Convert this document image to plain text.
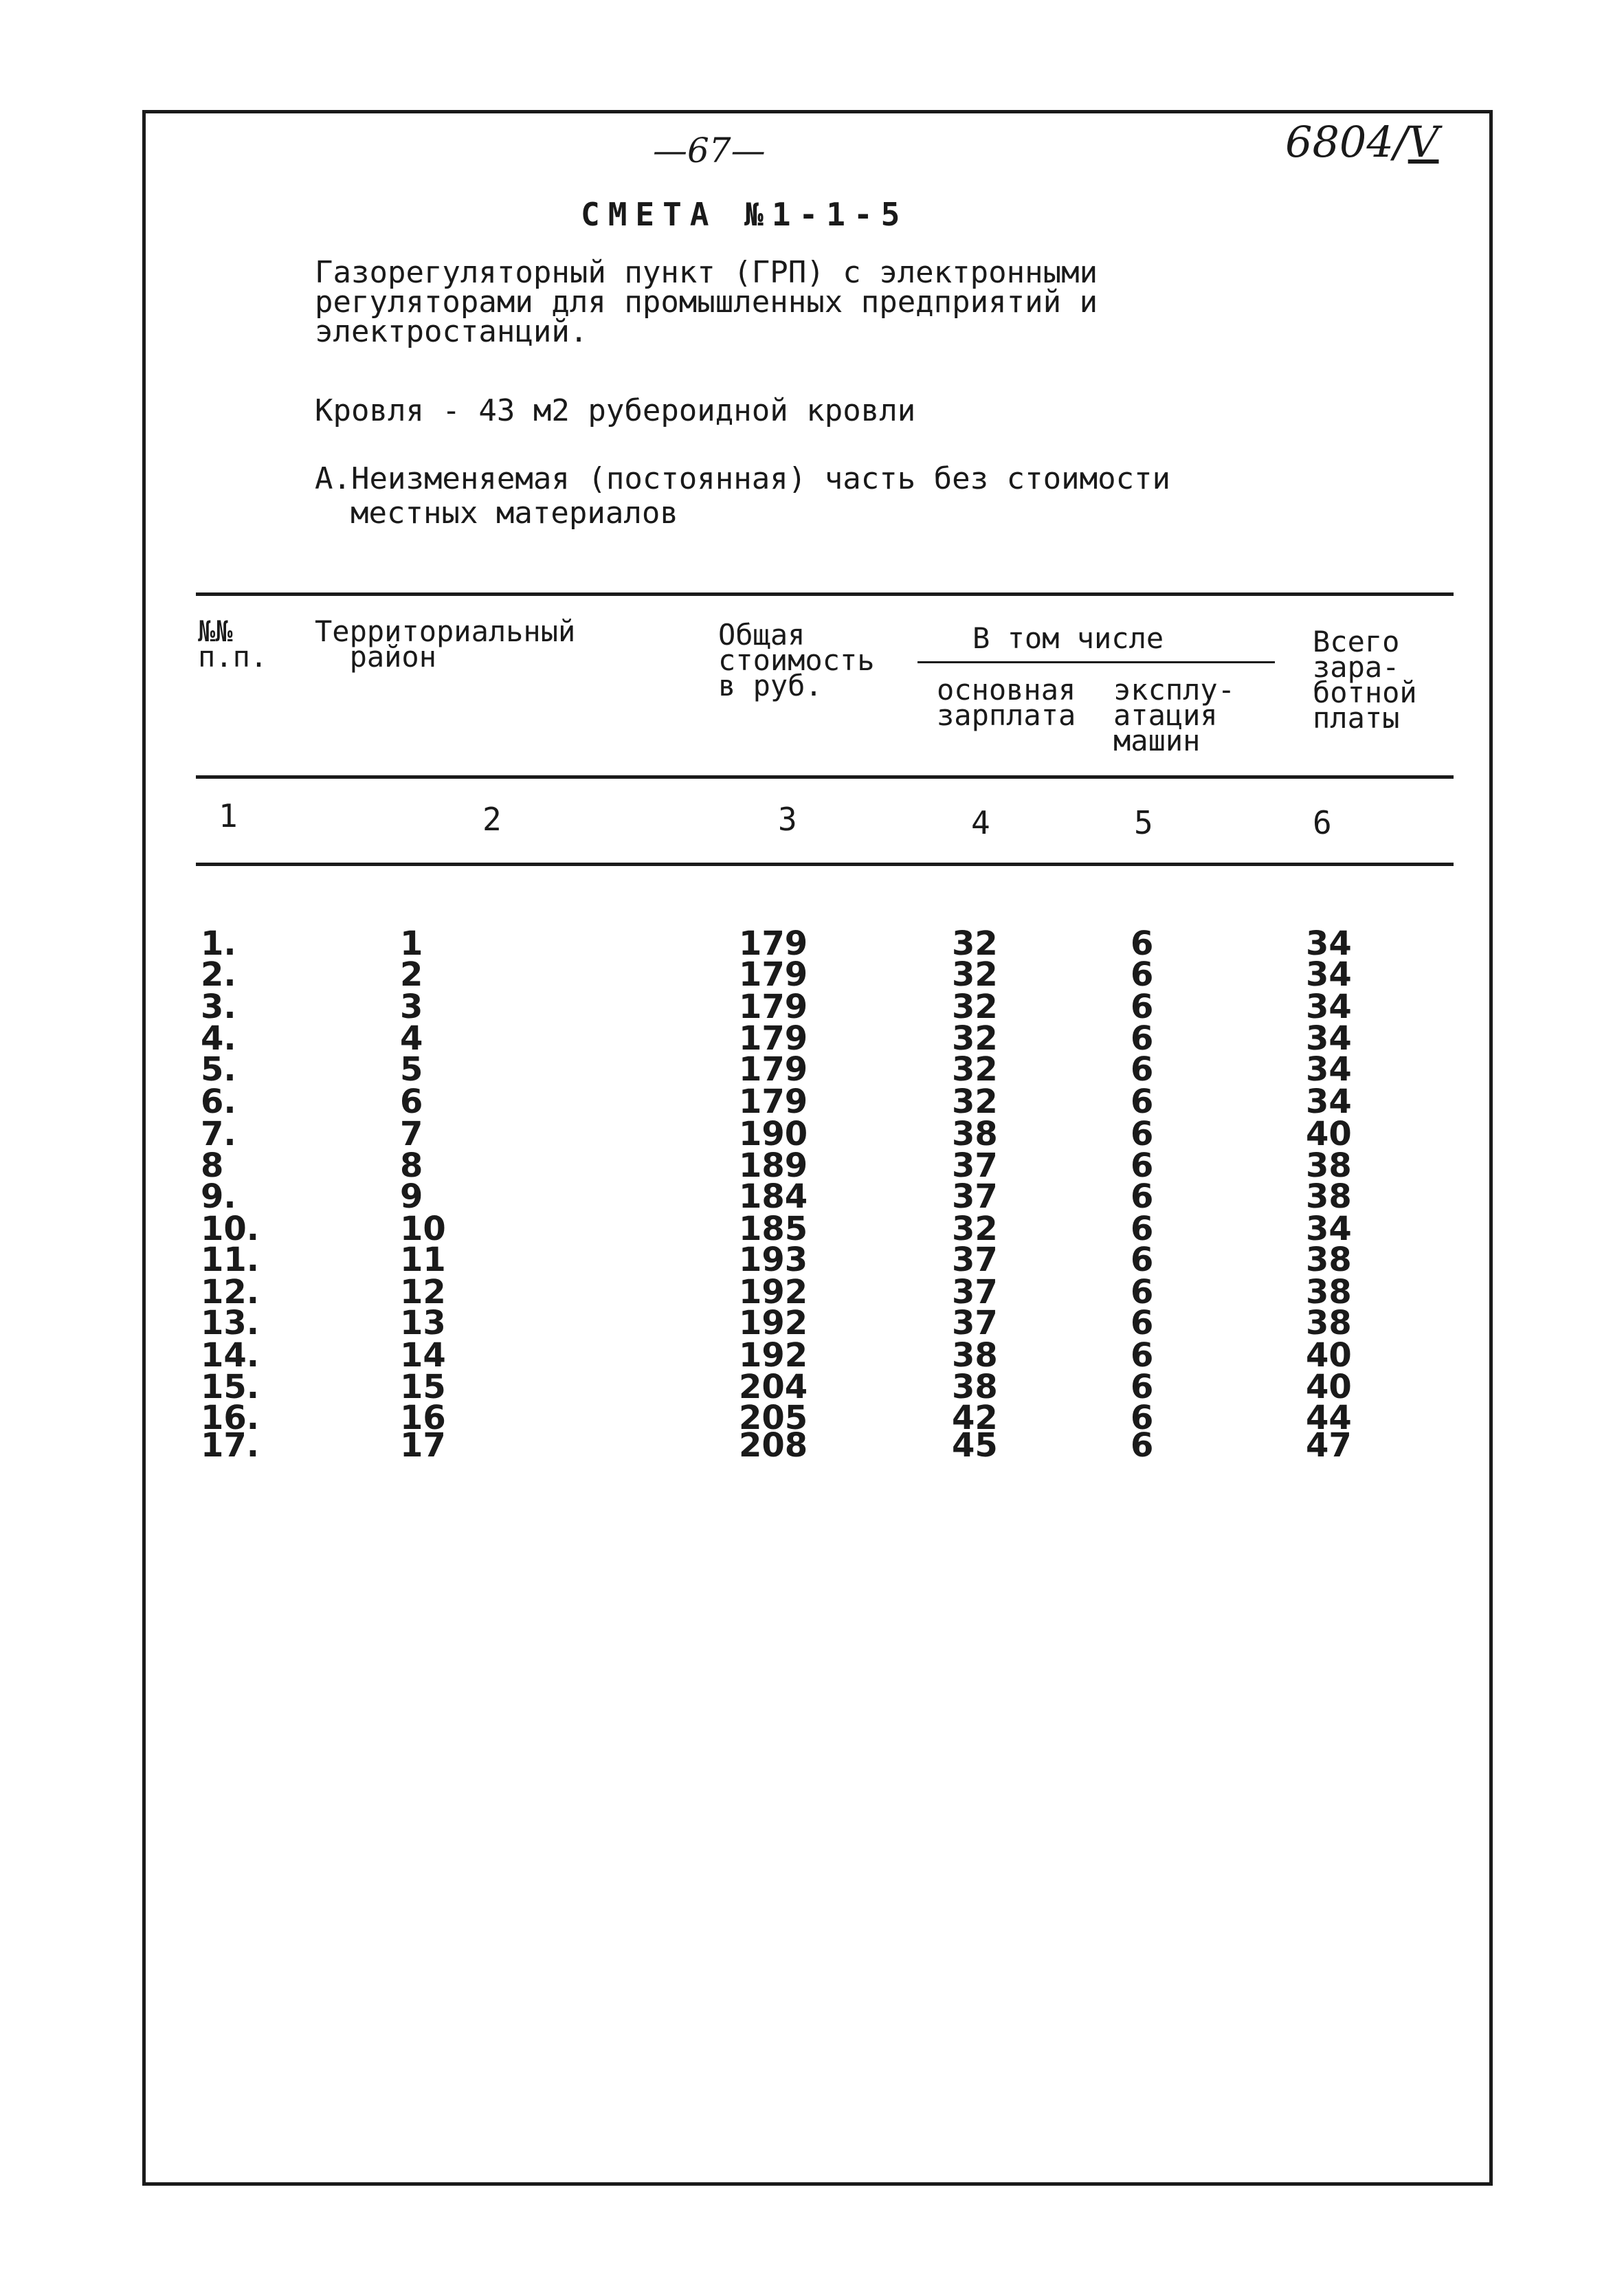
—67—	6804/V
СМЕТА №1-1-5
Газорегуляторный пункт (ГРП) с электронными
регуляторами для промышленных предприятий и
электростанций.
Кровля - 43 м2 рубероидной кровли
А.Неизменяемая (постоянная) часть без стоимости
местных материалов
№№
п.п.
Территориальный
район
Общая
стоимость
в руб.
В том числе
основная
зарплата
эксплу-
атация
машин
Всего
зара-
ботной
платы
1	2	3	4	5	6
1.	1	179	32	6	34
2.	2	179	32	6	34
3.	3	179	32	6	34
4.	4	179	32	6	34
5.	5	179	32	6	34
6.	6	179	32	6	34
7.	7	190	38	6	40
8	8	189	37	6	38
9.	9	184	37	6	38
10.	10	185	32	6	34
11.	11	193	37	6	38
12.	12	192	37	6	38
13.	13	192	37	6	38
14.	14	192	38	6	40
15.	15	204	38	6	40
16.	16	205	42	6	44
17.	17	208	45	6	47
